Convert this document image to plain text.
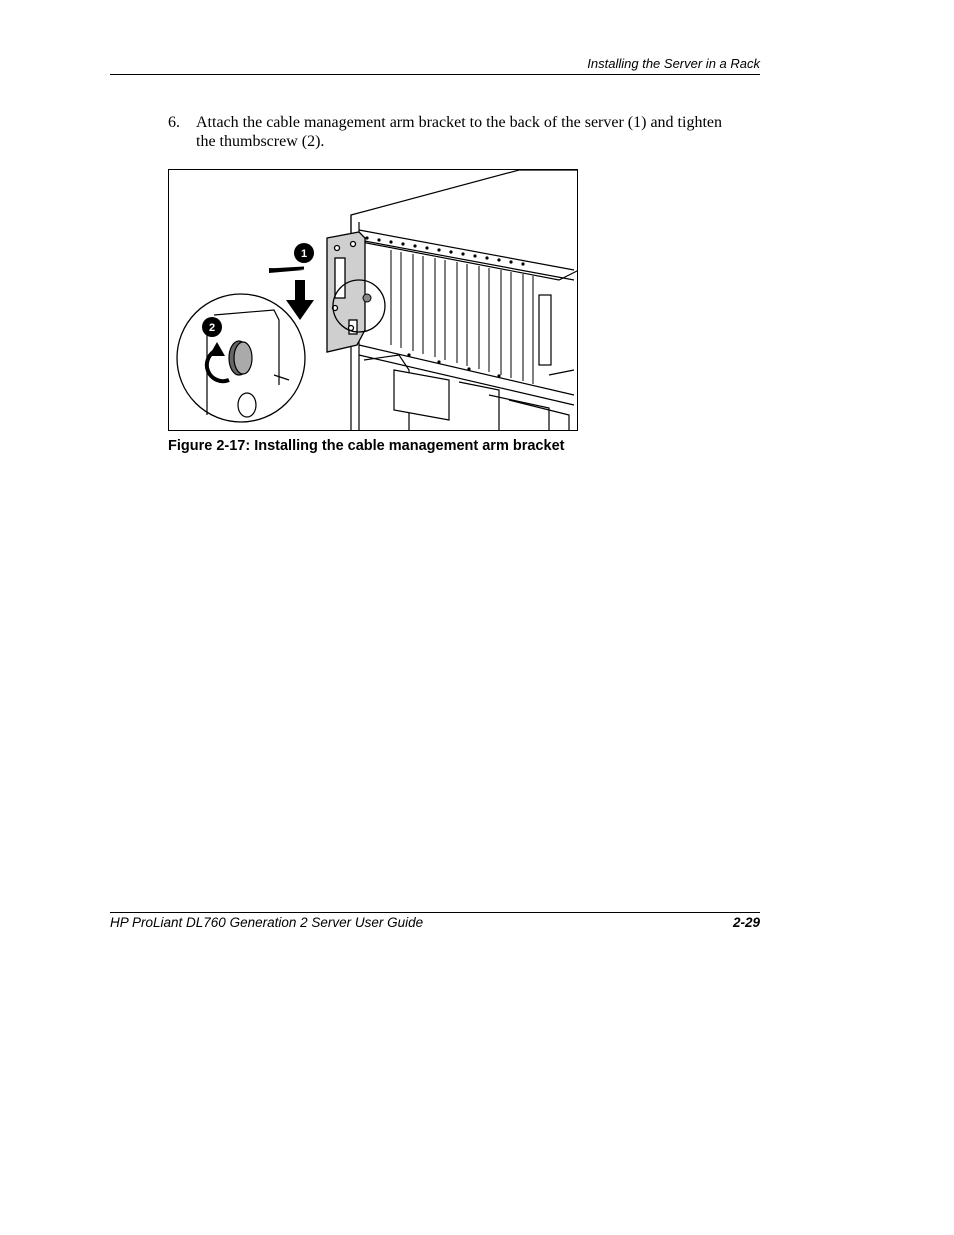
Installing the Server in a Rack
6. Attach the cable management arm bracket to the back of the server (1) and tighten the thumbscrew (2).
1
2
Figure 2-17: Installing the cable management arm bracket
HP ProLiant DL760 Generation 2 Server User Guide	2-29
